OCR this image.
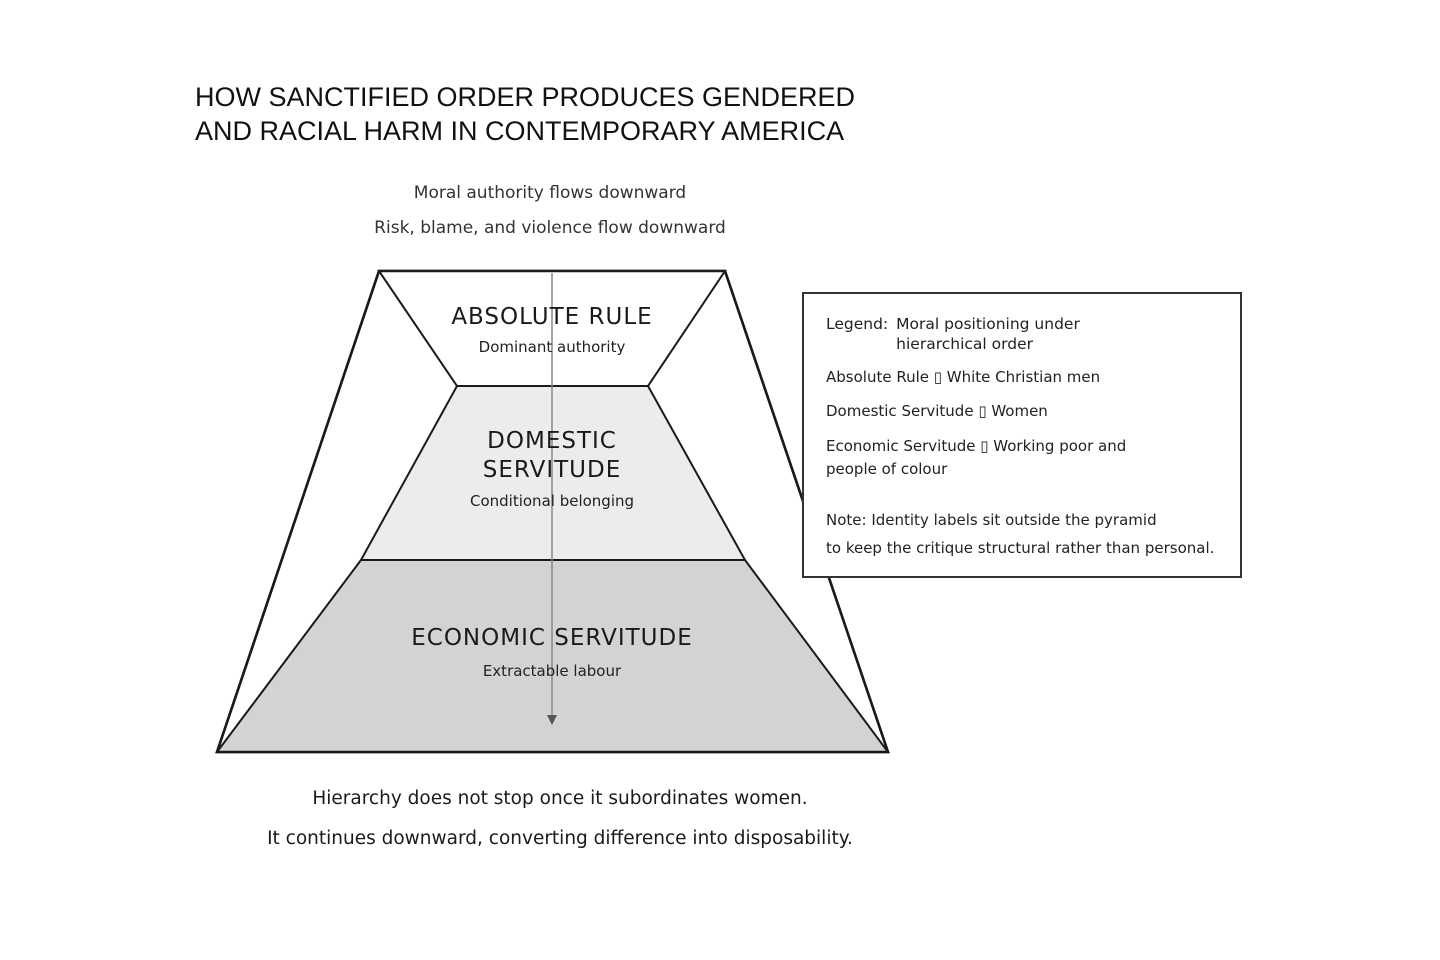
HOW SANCTIFIED ORDER PRODUCES GENDERED
AND RACIAL HARM IN CONTEMPORARY AMERICA
Moral authority flows downward
Risk, blame, and violence flow downward
ABSOLUTE RULE
Dominant authority
DOMESTIC
SERVITUDE
Conditional belonging
ECONOMIC SERVITUDE
Extractable labour
Legend: Moral positioning under hierarchical order
Absolute Rule ▯ White Christian men
Domestic Servitude ▯ Women
Economic Servitude ▯ Working poor and people of colour
Note: Identity labels sit outside the pyramid
to keep the critique structural rather than personal.
Hierarchy does not stop once it subordinates women.
It continues downward, converting difference into disposability.
